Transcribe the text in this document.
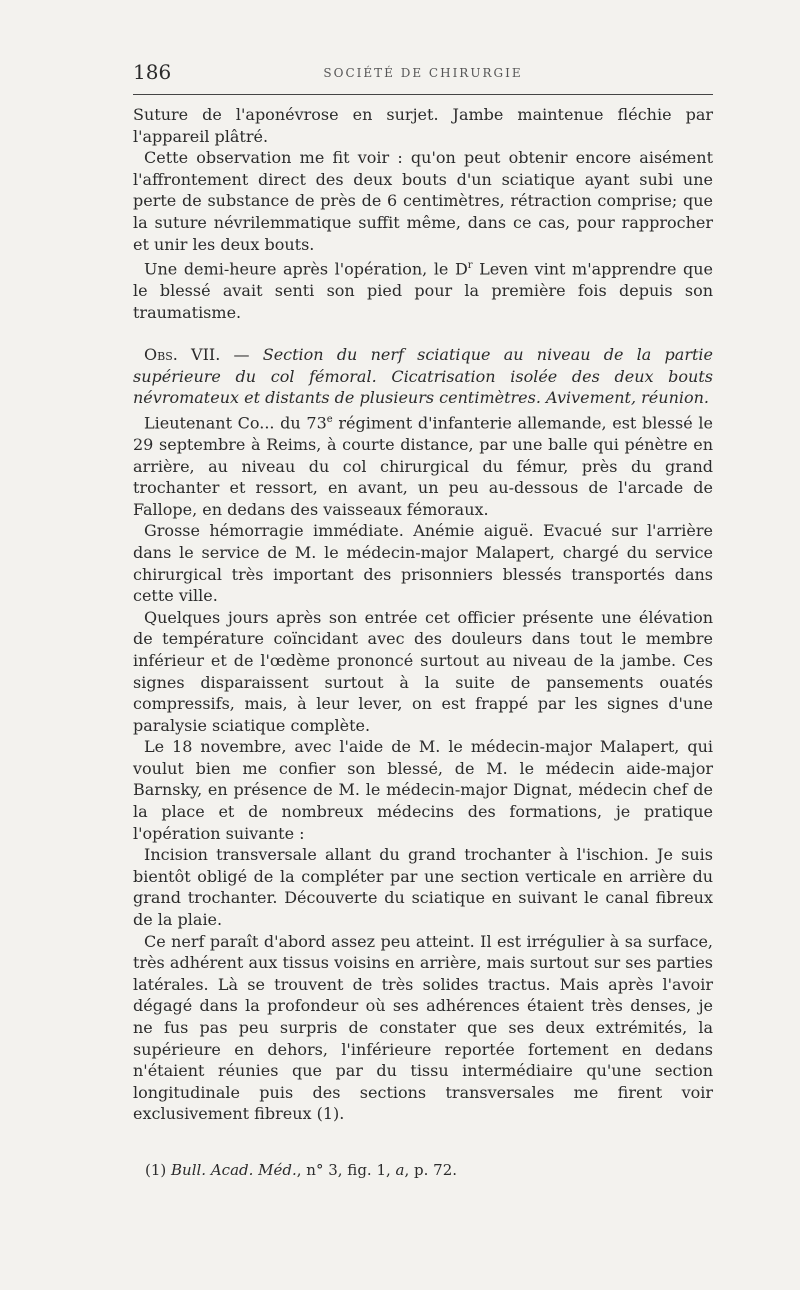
186	SOCIÉTÉ DE CHIRURGIE

Suture de l'aponévrose en surjet. Jambe maintenue fléchie par l'appareil plâtré.

Cette observation me fit voir : qu'on peut obtenir encore aisément l'affrontement direct des deux bouts d'un sciatique ayant subi une perte de substance de près de 6 centimètres, rétraction comprise; que la suture névrilemmatique suffit même, dans ce cas, pour rapprocher et unir les deux bouts.

Une demi-heure après l'opération, le $D^r$ Leven vint m'apprendre que le blessé avait senti son pied pour la première fois depuis son traumatisme.

Obs. VII. — Section du nerf sciatique au niveau de la partie supérieure du col fémoral. Cicatrisation isolée des deux bouts névromateux et distants de plusieurs centimètres. Avivement, réunion.

Lieutenant Co... du 73e régiment d'infanterie allemande, est blessé le 29 septembre à Reims, à courte distance, par une balle qui pénètre en arrière, au niveau du col chirurgical du fémur, près du grand trochanter et ressort, en avant, un peu au-dessous de l'arcade de Fallope, en dedans des vaisseaux fémoraux.

Grosse hémorragie immédiate. Anémie aiguë. Evacué sur l'arrière dans le service de M. le médecin-major Malapert, chargé du service chirurgical très important des prisonniers blessés transportés dans cette ville.

Quelques jours après son entrée cet officier présente une élévation de température coïncidant avec des douleurs dans tout le membre inférieur et de l'œdème prononcé surtout au niveau de la jambe. Ces signes disparaissent surtout à la suite de pansements ouatés compressifs, mais, à leur lever, on est frappé par les signes d'une paralysie sciatique complète.

Le 18 novembre, avec l'aide de M. le médecin-major Malapert, qui voulut bien me confier son blessé, de M. le médecin aide-major Barnsky, en présence de M. le médecin-major Dignat, médecin chef de la place et de nombreux médecins des formations, je pratique l'opération suivante :

Incision transversale allant du grand trochanter à l'ischion. Je suis bientôt obligé de la compléter par une section verticale en arrière du grand trochanter. Découverte du sciatique en suivant le canal fibreux de la plaie.

Ce nerf paraît d'abord assez peu atteint. Il est irrégulier à sa surface, très adhérent aux tissus voisins en arrière, mais surtout sur ses parties latérales. Là se trouvent de très solides tractus. Mais après l'avoir dégagé dans la profondeur où ses adhérences étaient très denses, je ne fus pas peu surpris de constater que ses deux extrémités, la supérieure en dehors, l'inférieure reportée fortement en dedans n'étaient réunies que par du tissu intermédiaire qu'une section longitudinale puis des sections transversales me firent voir exclusivement fibreux (1).

(1) Bull. Acad. Méd., n° 3, fig. 1, a, p. 72.
